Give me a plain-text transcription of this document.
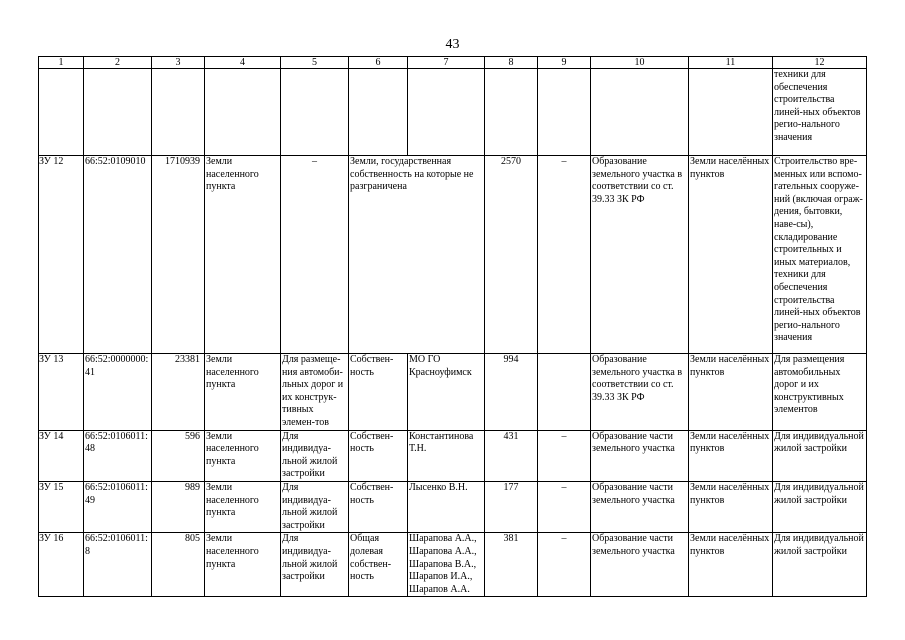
43
1	2	3	4	5	6	7	8	9	10	11	12
											техники для обеспечения строительства линей-ных объектов регио-нального значения
ЗУ 12	66:52:0109010	1710939	Земли населенного пункта	–	Земли, государственная собственность на которые не разграничена		2570	–	Образование земельного участка в соответствии со ст. 39.33 ЗК РФ	Земли населённых пунктов	Строительство вре-менных или вспомо-гательных сооруже-ний (включая ограж-дения, бытовки, наве-сы), складирование строительных и иных материалов, техники для обеспечения строительства линей-ных объектов регио-нального значения
ЗУ 13	66:52:0000000: 41	23381	Земли населенного пункта	Для размеще-ния автомоби-льных дорог и их конструк-тивных элемен-тов	Собствен-ность	МО ГО Красноуфимск	994		Образование земельного участка в соответствии со ст. 39.33 ЗК РФ	Земли населённых пунктов	Для размещения автомобильных дорог и их конструктивных элементов
ЗУ 14	66:52:0106011: 48	596	Земли населенного пункта	Для индивидуа-льной жилой застройки	Собствен-ность	Константинова Т.Н.	431	–	Образование части земельного участка	Земли населённых пунктов	Для индивидуальной жилой застройки
ЗУ 15	66:52:0106011: 49	989	Земли населенного пункта	Для индивидуа-льной жилой застройки	Собствен-ность	Лысенко В.Н.	177	–	Образование части земельного участка	Земли населённых пунктов	Для индивидуальной жилой застройки
ЗУ 16	66:52:0106011: 8	805	Земли населенного пункта	Для индивидуа-льной жилой застройки	Общая долевая собствен-ность	Шарапова А.А., Шарапова А.А., Шарапова В.А., Шарапов И.А., Шарапов А.А.	381	–	Образование части земельного участка	Земли населённых пунктов	Для индивидуальной жилой застройки
